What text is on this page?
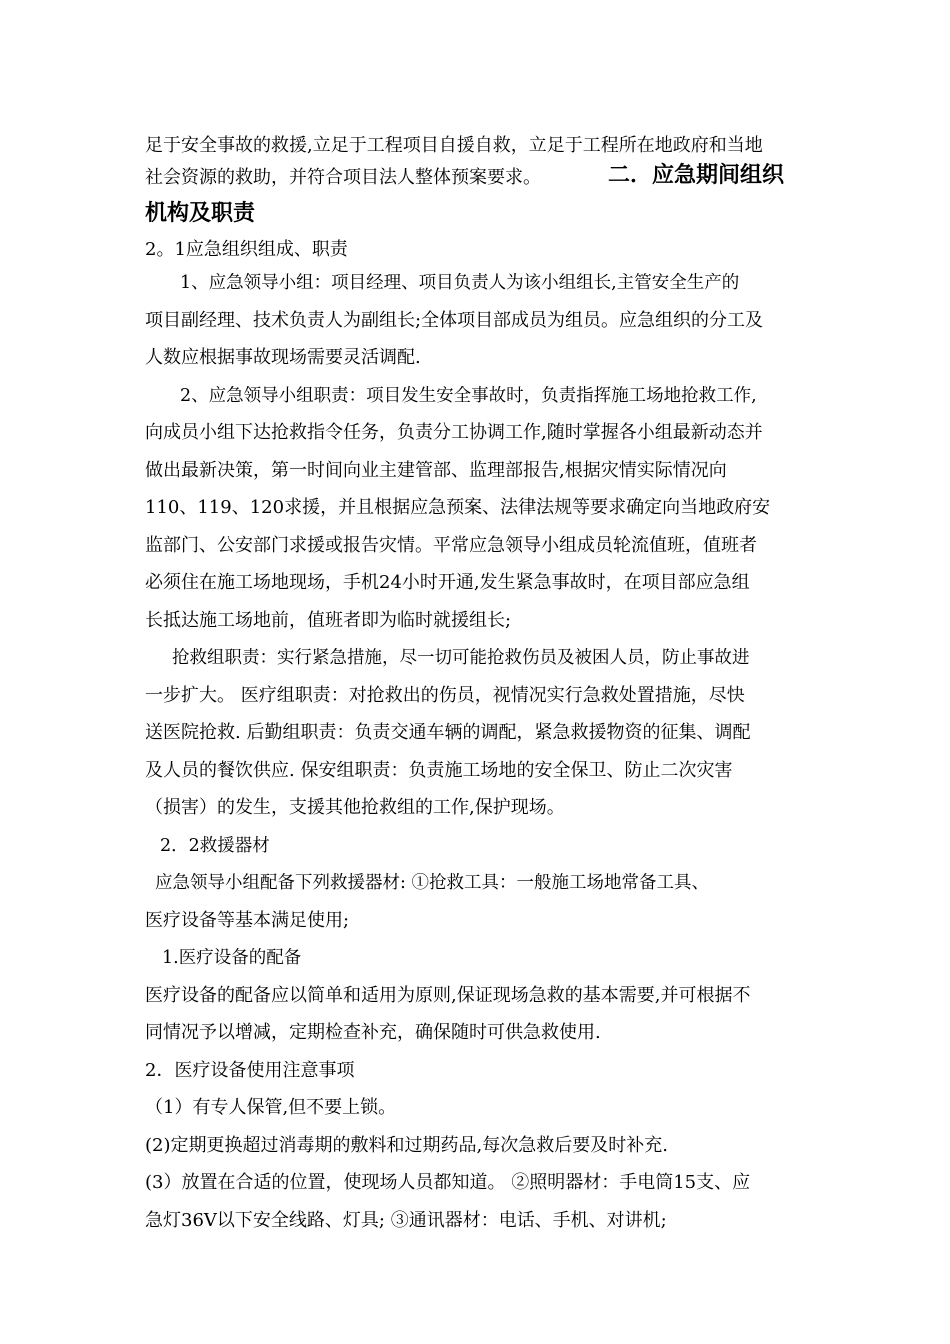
足于安全事故的救援,立足于工程项目自援自救，立足于工程所在地政府和当地
社会资源的救助，并符合项目法人整体预案要求。	二．应急期间组织
机构及职责
2。1应急组织组成、职责
1、应急领导小组：项目经理、项目负责人为该小组组长,主管安全生产的
项目副经理、技术负责人为副组长;全体项目部成员为组员。应急组织的分工及
人数应根据事故现场需要灵活调配.
2、应急领导小组职责：项目发生安全事故时，负责指挥施工场地抢救工作,
向成员小组下达抢救指令任务，负责分工协调工作,随时掌握各小组最新动态并
做出最新决策，第一时间向业主建管部、监理部报告,根据灾情实际情况向
110、119、120求援，并且根据应急预案、法律法规等要求确定向当地政府安
监部门、公安部门求援或报告灾情。平常应急领导小组成员轮流值班，值班者
必须住在施工场地现场，手机24小时开通,发生紧急事故时，在项目部应急组
长抵达施工场地前，值班者即为临时就援组长;
抢救组职责：实行紧急措施，尽一切可能抢救伤员及被困人员，防止事故进
一步扩大。 医疗组职责：对抢救出的伤员，视情况实行急救处置措施，尽快
送医院抢救. 后勤组职责：负责交通车辆的调配，紧急救援物资的征集、调配
及人员的餐饮供应. 保安组职责：负责施工场地的安全保卫、防止二次灾害
（损害）的发生，支援其他抢救组的工作,保护现场。
2．2救援器材
应急领导小组配备下列救援器材: ①抢救工具：一般施工场地常备工具、
医疗设备等基本满足使用;
1.医疗设备的配备
医疗设备的配备应以简单和适用为原则,保证现场急救的基本需要,并可根据不
同情况予以增减，定期检查补充，确保随时可供急救使用.
2．医疗设备使用注意事项
（1）有专人保管,但不要上锁。
(2)定期更换超过消毒期的敷料和过期药品,每次急救后要及时补充.
(3）放置在合适的位置，使现场人员都知道。 ②照明器材：手电筒15支、应
急灯36V以下安全线路、灯具; ③通讯器材：电话、手机、对讲机;
